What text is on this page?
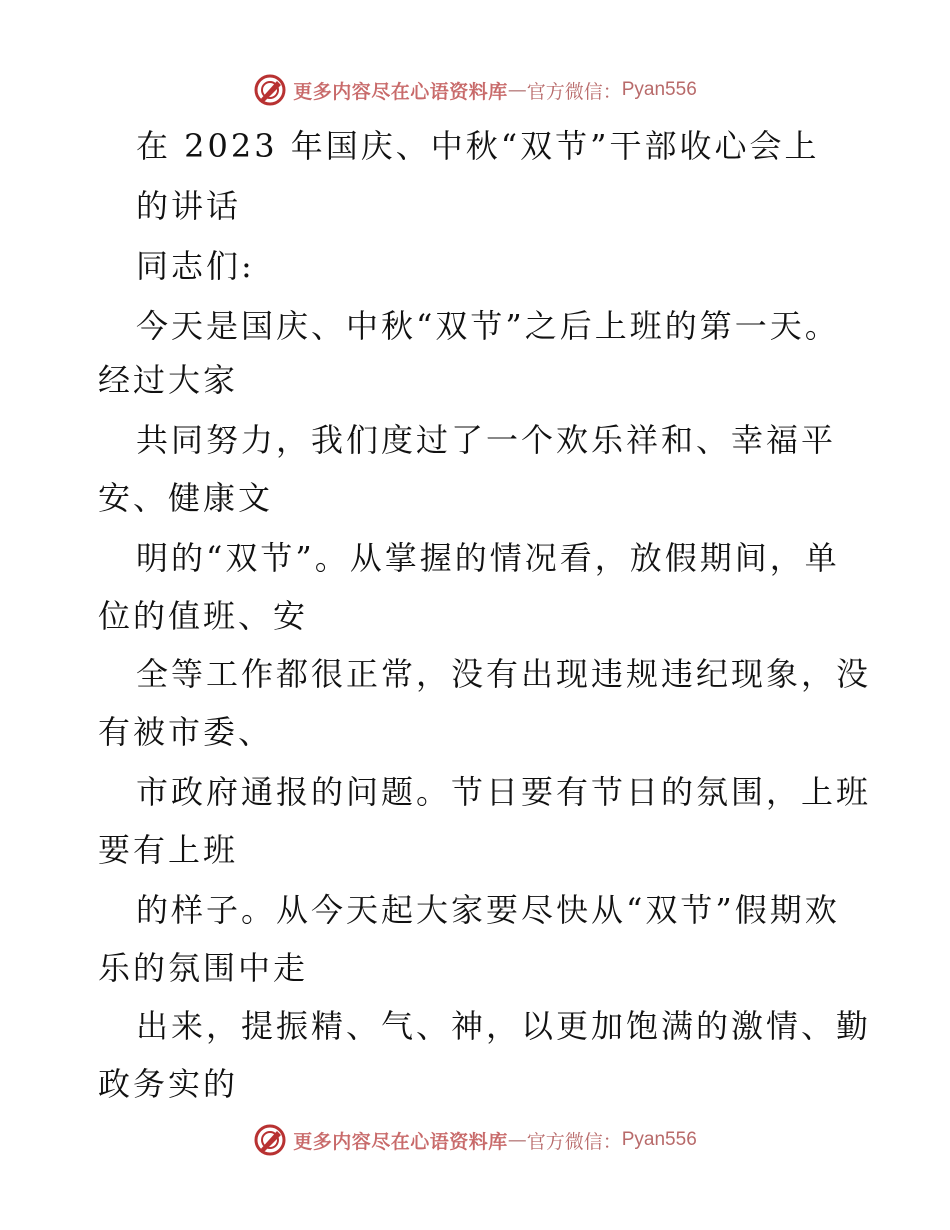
更多内容尽在心语资料库 — 官方微信： Pyan556
在 2023 年国庆、中秋“双节”干部收心会上
的讲话
同志们:
今天是国庆、中秋“双节”之后上班的第一天。
经过大家
共同努力，我们度过了一个欢乐祥和、幸福平
安、健康文
明的“双节”。从掌握的情况看，放假期间，单
位的值班、安
全等工作都很正常，没有出现违规违纪现象，没
有被市委、
市政府通报的问题。节日要有节日的氛围，上班
要有上班
的样子。从今天起大家要尽快从“双节”假期欢
乐的氛围中走
出来，提振精、气、神，以更加饱满的激情、勤
政务实的
更多内容尽在心语资料库 — 官方微信： Pyan556
